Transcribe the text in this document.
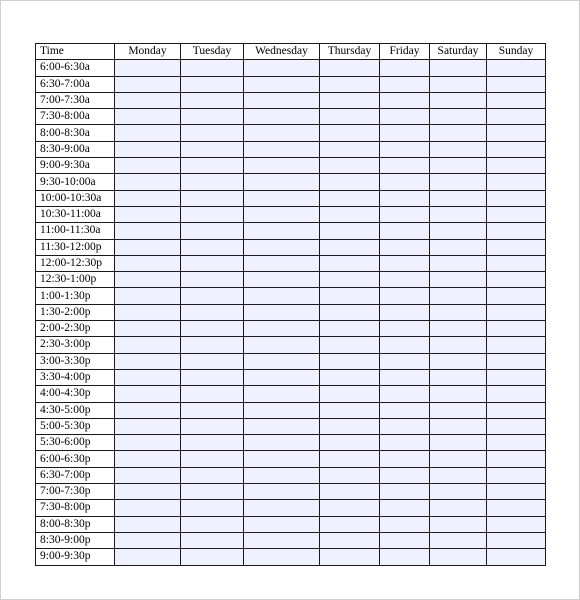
Time	Monday	Tuesday	Wednesday	Thursday	Friday	Saturday	Sunday
6:00-6:30a							
6:30-7:00a							
7:00-7:30a							
7:30-8:00a							
8:00-8:30a							
8:30-9:00a							
9:00-9:30a							
9:30-10:00a							
10:00-10:30a							
10:30-11:00a							
11:00-11:30a							
11:30-12:00p							
12:00-12:30p							
12:30-1:00p							
1:00-1:30p							
1:30-2:00p							
2:00-2:30p							
2:30-3:00p							
3:00-3:30p							
3:30-4:00p							
4:00-4:30p							
4:30-5:00p							
5:00-5:30p							
5:30-6:00p							
6:00-6:30p							
6:30-7:00p							
7:00-7:30p							
7:30-8:00p							
8:00-8:30p							
8:30-9:00p							
9:00-9:30p							
